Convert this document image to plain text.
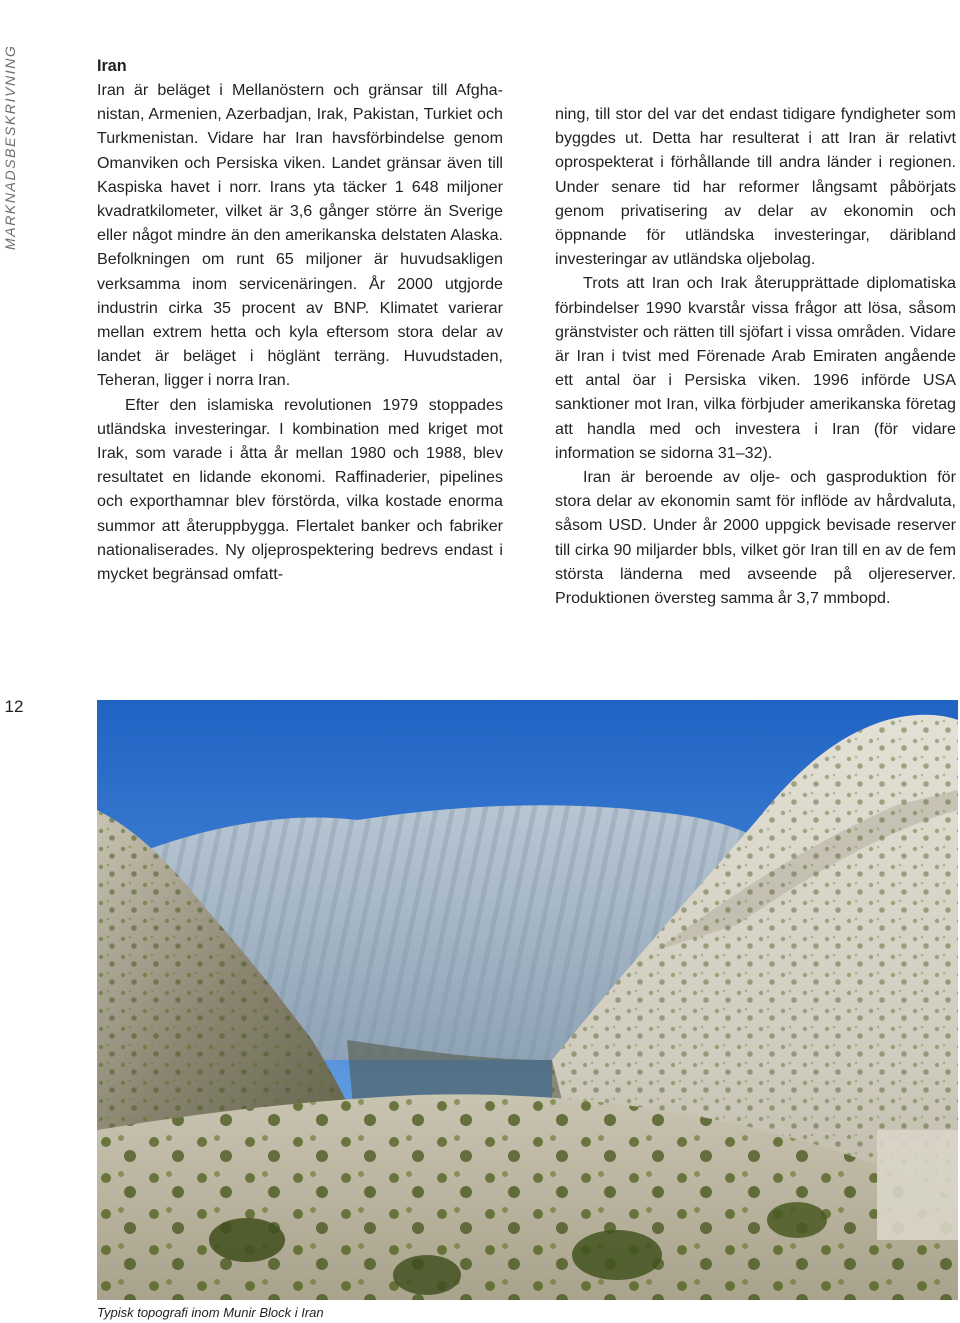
MARKNADSBESKRIVNING	Iran

Iran är beläget i Mellanöstern och gränsar till Afghanistan, Armenien, Azerbadjan, Irak, Pakistan, Turkiet och Turkmenistan. Vidare har Iran havsförbindelse genom Omanviken och Persiska viken. Landet gränsar även till Kaspiska havet i norr. Irans yta täcker 1 648 miljoner kvadratkilometer, vilket är 3,6 gånger större än Sverige eller något mindre än den amerikanska delstaten Alaska. Befolkningen om runt 65 miljoner är huvudsakligen verksamma inom servicenäringen. År 2000 utgjorde industrin cirka 35 procent av BNP. Klimatet varierar mellan extrem hetta och kyla eftersom stora delar av landet är beläget i höglänt terräng. Huvudstaden, Teheran, ligger i norra Iran.

Efter den islamiska revolutionen 1979 stoppades utländska investeringar. I kombination med kriget mot Irak, som varade i åtta år mellan 1980 och 1988, blev resultatet en lidande ekonomi. Raffinaderier, pipelines och exporthamnar blev förstörda, vilka kostade enorma summor att återuppbygga. Flertalet banker och fabriker nationaliserades. Ny oljeprospektering bedrevs endast i mycket begränsad omfatt-

ning, till stor del var det endast tidigare fyndigheter som byggdes ut. Detta har resulterat i att Iran är relativt oprospekterat i förhållande till andra länder i regionen. Under senare tid har reformer långsamt påbörjats genom privatisering av delar av ekonomin och öppnande för utländska investeringar, däribland investeringar av utländska oljebolag.

Trots att Iran och Irak återupprättade diplomatiska förbindelser 1990 kvarstår vissa frågor att lösa, såsom gränstvister och rätten till sjöfart i vissa områden. Vidare är Iran i tvist med Förenade Arab Emiraten angående ett antal öar i Persiska viken. 1996 införde USA sanktioner mot Iran, vilka förbjuder amerikanska företag att handla med och investera i Iran (för vidare information se sidorna 31–32).

Iran är beroende av olje- och gasproduktion för stora delar av ekonomin samt för inflöde av hårdvaluta, såsom USD. Under år 2000 uppgick bevisade reserver till cirka 90 miljarder bbls, vilket gör Iran till en av de fem största länderna med avseende på oljereserver. Produktionen översteg samma år 3,7 mmbopd.

12
Typisk topografi inom Munir Block i Iran
